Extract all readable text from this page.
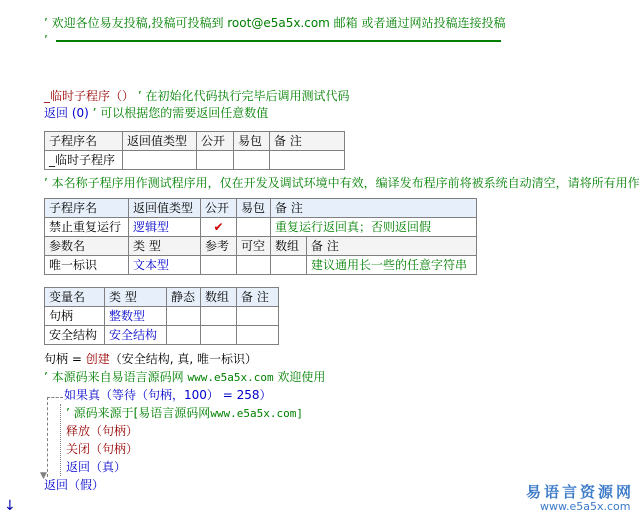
’ 欢迎各位易友投稿,投稿可投稿到 root@e5a5x.com 邮箱 或者通过网站投稿连接投稿
’
_临时子程序（） ’ 在初始化代码执行完毕后调用测试代码
返回 (0) ’ 可以根据您的需要返回任意数值
子程序名	返回值类型	公开	易包	备 注
_临时子程序				
’ 本名称子程序用作测试程序用，仅在开发及调试环境中有效，编译发布程序前将被系统自动清空，请将所有用作
子程序名	返回值类型	公开	易包	备 注	
禁止重复运行	逻辑型	✔		重复运行返回真；否则返回假	
参数名	类 型	参考	可空	数组	备 注
唯一标识	文本型				建议通用长一些的任意字符串
变量名	类 型	静态	数组	备 注
句柄	整数型			
安全结构	安全结构			
句柄 = 创建（安全结构, 真, 唯一标识）
’ 本源码来自易语言源码网 www.e5a5x.com 欢迎使用
▼
如果真（等待（句柄，100） = 258）
’ 源码来源于[易语言源码网www.e5a5x.com]
释放（句柄）
关闭（句柄）
返回（真）
返回（假）
↓
易语言资源网
www.e5a5x.com
